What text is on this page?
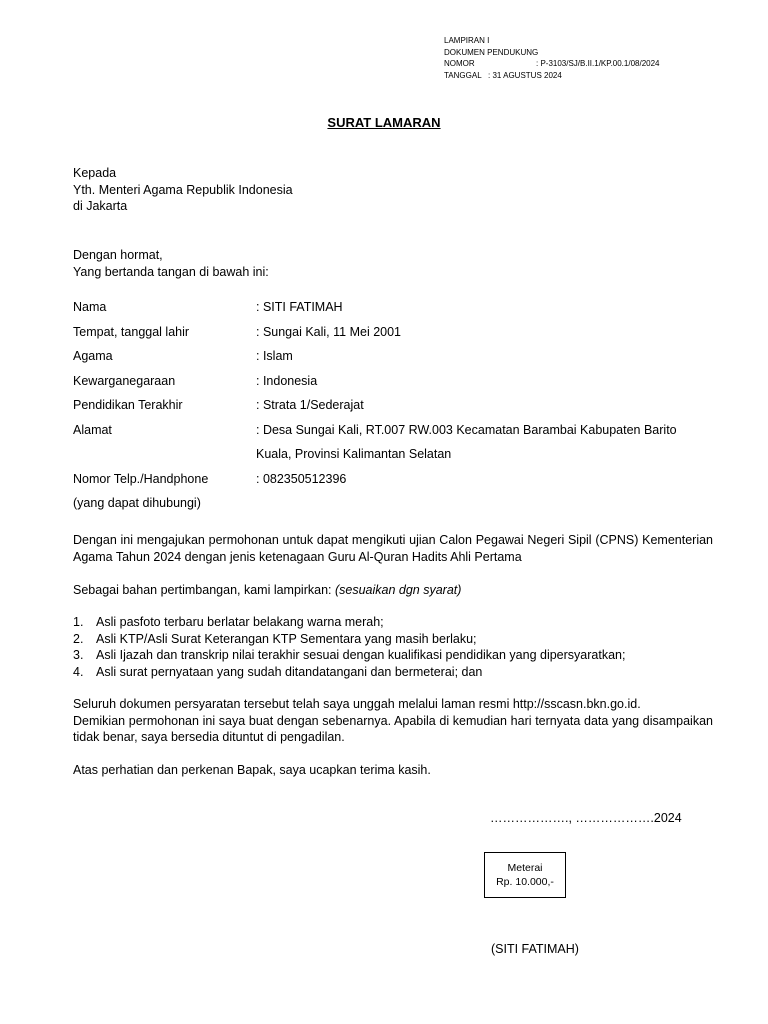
LAMPIRAN I
DOKUMEN PENDUKUNG
NOMOR	: P-3103/SJ/B.II.1/KP.00.1/08/2024
TANGGAL : 31 AGUSTUS 2024
SURAT LAMARAN
Kepada
Yth. Menteri Agama Republik Indonesia
di Jakarta
Dengan hormat,
Yang bertanda tangan di bawah ini:
Nama	: SITI FATIMAH
Tempat, tanggal lahir	: Sungai Kali, 11 Mei 2001
Agama	: Islam
Kewarganegaraan	: Indonesia
Pendidikan Terakhir	: Strata 1/Sederajat
Alamat	: Desa Sungai Kali, RT.007 RW.003 Kecamatan Barambai Kabupaten Barito
Kuala, Provinsi Kalimantan Selatan
Nomor Telp./Handphone	: 082350512396
(yang dapat dihubungi)
Dengan ini mengajukan permohonan untuk dapat mengikuti ujian Calon Pegawai Negeri Sipil (CPNS) Kementerian Agama Tahun 2024 dengan jenis ketenagaan Guru Al-Quran Hadits Ahli Pertama
Sebagai bahan pertimbangan, kami lampirkan: (sesuaikan dgn syarat)
1.	Asli pasfoto terbaru berlatar belakang warna merah;
2.	Asli KTP/Asli Surat Keterangan KTP Sementara yang masih berlaku;
3.	Asli Ijazah dan transkrip nilai terakhir sesuai dengan kualifikasi pendidikan yang dipersyaratkan;
4.	Asli surat pernyataan yang sudah ditandatangani dan bermeterai; dan
Seluruh dokumen persyaratan tersebut telah saya unggah melalui laman resmi http://sscasn.bkn.go.id.
Demikian permohonan ini saya buat dengan sebenarnya. Apabila di kemudian hari ternyata data yang disampaikan tidak benar, saya bersedia dituntut di pengadilan.
Atas perhatian dan perkenan Bapak, saya ucapkan terima kasih.
………………., ……………….2024
Meterai
Rp. 10.000,-
(SITI FATIMAH)
